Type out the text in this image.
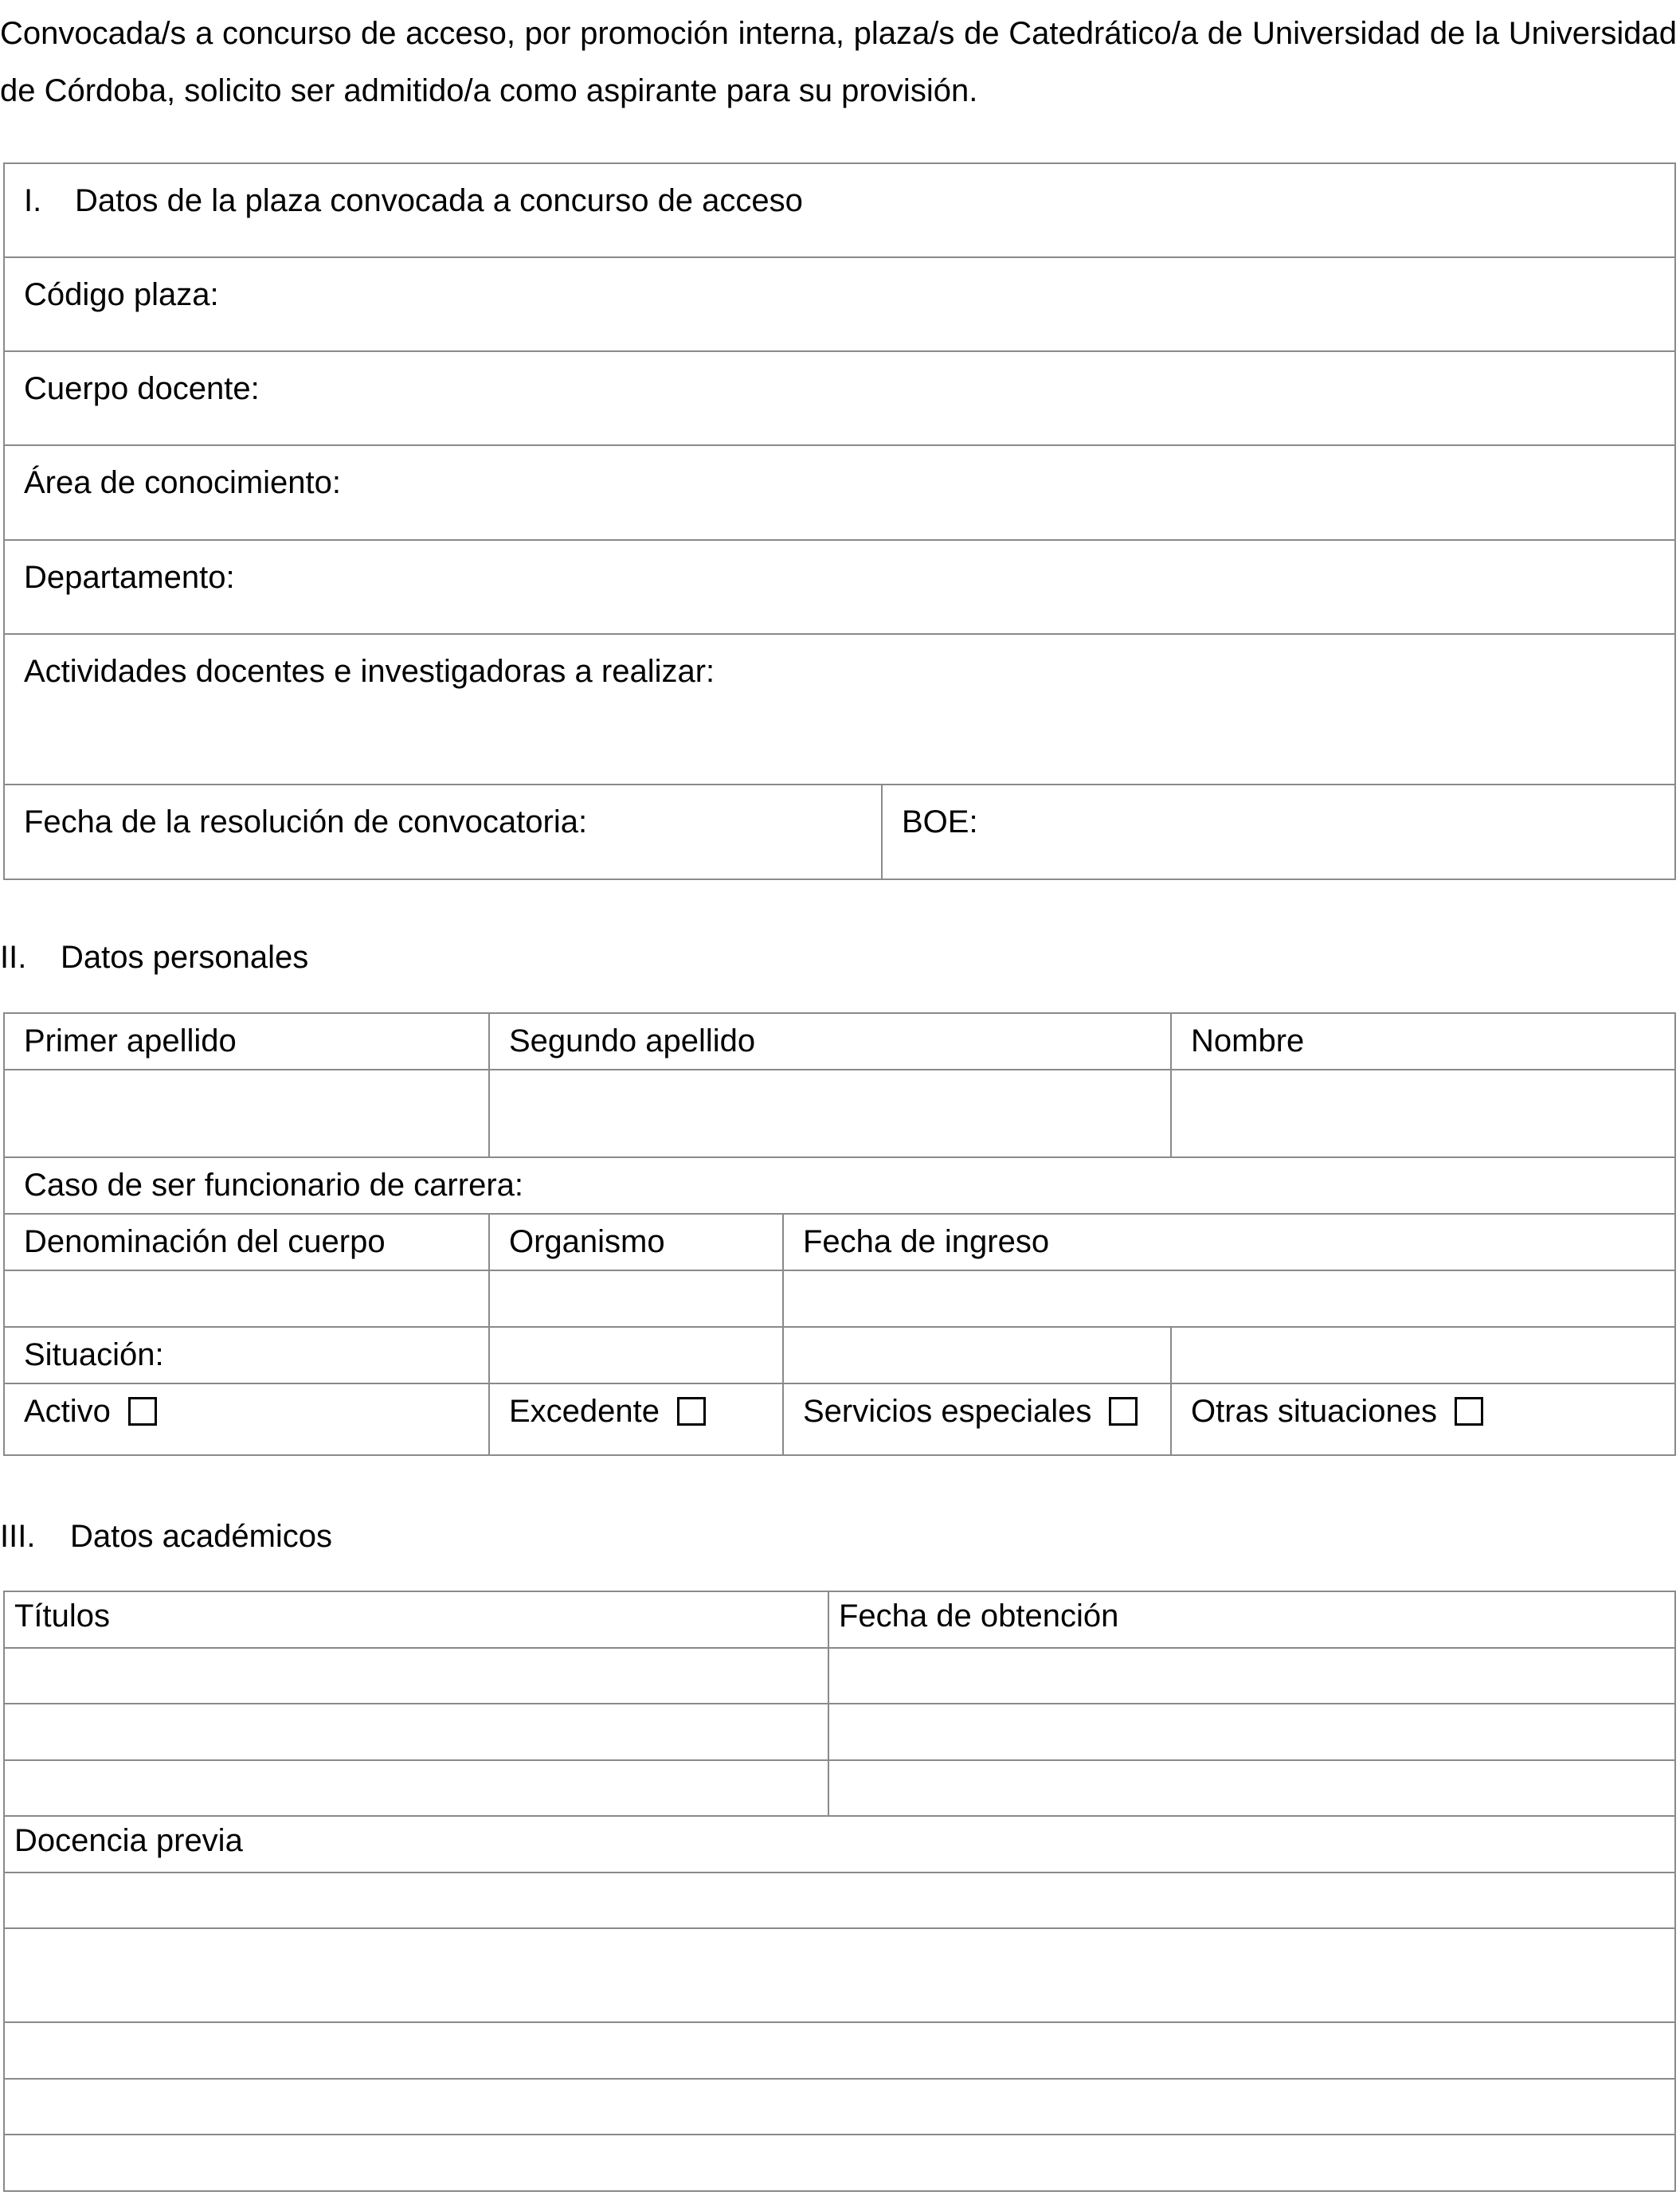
Convocada/s a concurso de acceso, por promoción interna, plaza/s de Catedrático/a de Universidad de la Universidad de Córdoba, solicito ser admitido/a como aspirante para su provisión.

I. Datos de la plaza convocada a concurso de acceso
Código plaza:
Cuerpo docente:
Área de conocimiento:
Departamento:
Actividades docentes e investigadoras a realizar:
Fecha de la resolución de convocatoria:	BOE:
II. Datos personales
Primer apellido	Segundo apellido		Nombre

Caso de ser funcionario de carrera:			
Denominación del cuerpo	Organismo	Fecha de ingreso	

Situación:			
Activo	Excedente	Servicios especiales	Otras situaciones
III. Datos académicos
Títulos	Fecha de obtención

Docencia previa	
